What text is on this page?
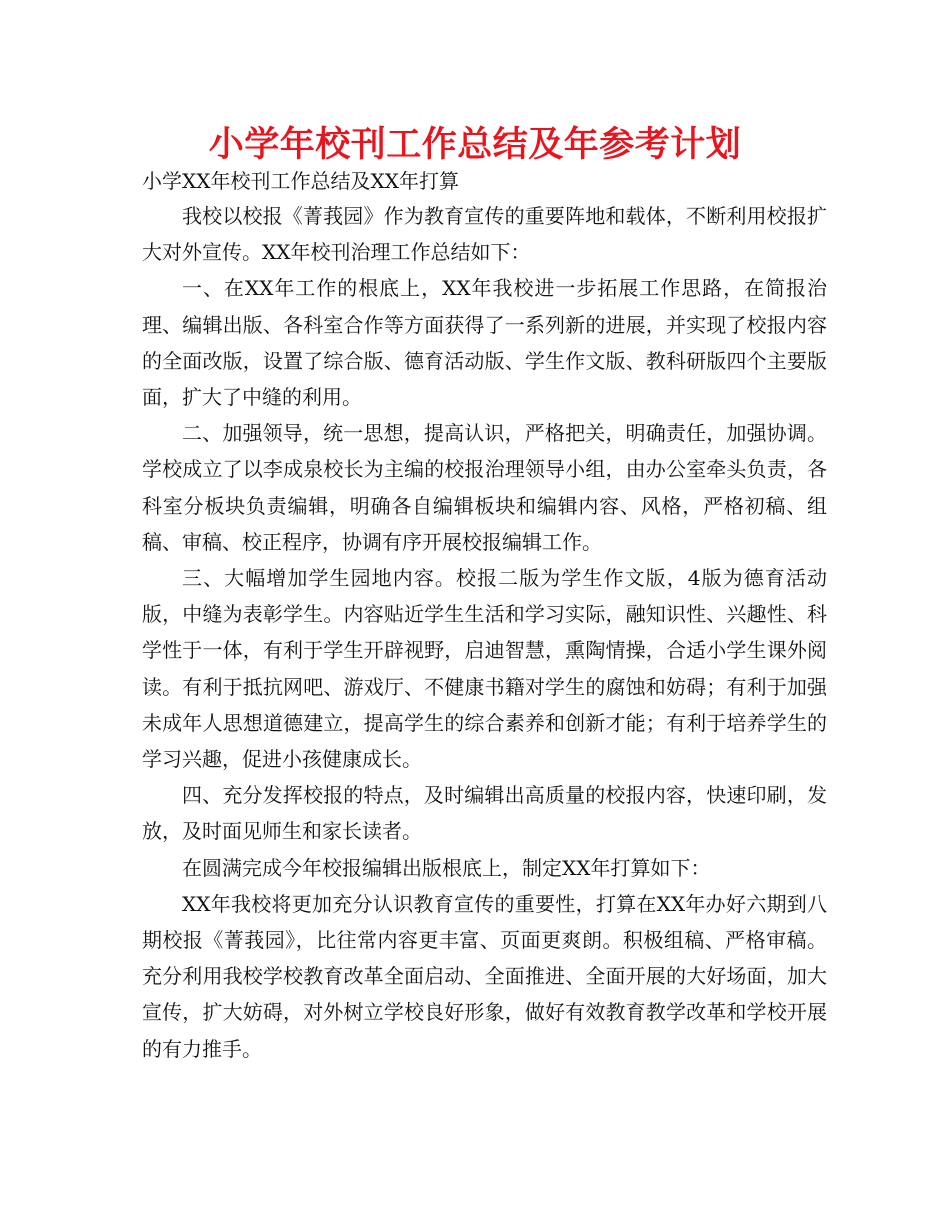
小学年校刊工作总结及年参考计划
小学XX年校刊工作总结及XX年打算

我校以校报《菁莪园》作为教育宣传的重要阵地和载体，不断利用校报扩大对外宣传。XX年校刊治理工作总结如下：

一、在XX年工作的根底上，XX年我校进一步拓展工作思路，在简报治理、编辑出版、各科室合作等方面获得了一系列新的进展，并实现了校报内容的全面改版，设置了综合版、德育活动版、学生作文版、教科研版四个主要版面，扩大了中缝的利用。

二、加强领导，统一思想，提高认识，严格把关，明确责任，加强协调。学校成立了以李成泉校长为主编的校报治理领导小组，由办公室牵头负责，各科室分板块负责编辑，明确各自编辑板块和编辑内容、风格，严格初稿、组稿、审稿、校正程序，协调有序开展校报编辑工作。

三、大幅增加学生园地内容。校报二版为学生作文版，4版为德育活动版，中缝为表彰学生。内容贴近学生生活和学习实际，融知识性、兴趣性、科学性于一体，有利于学生开辟视野，启迪智慧，熏陶情操，合适小学生课外阅读。有利于抵抗网吧、游戏厅、不健康书籍对学生的腐蚀和妨碍；有利于加强未成年人思想道德建立，提高学生的综合素养和创新才能；有利于培养学生的学习兴趣，促进小孩健康成长。

四、充分发挥校报的特点，及时编辑出高质量的校报内容，快速印刷，发放，及时面见师生和家长读者。

在圆满完成今年校报编辑出版根底上，制定XX年打算如下：

XX年我校将更加充分认识教育宣传的重要性，打算在XX年办好六期到八期校报《菁莪园》，比往常内容更丰富、页面更爽朗。积极组稿、严格审稿。充分利用我校学校教育改革全面启动、全面推进、全面开展的大好场面，加大宣传，扩大妨碍，对外树立学校良好形象，做好有效教育教学改革和学校开展的有力推手。
